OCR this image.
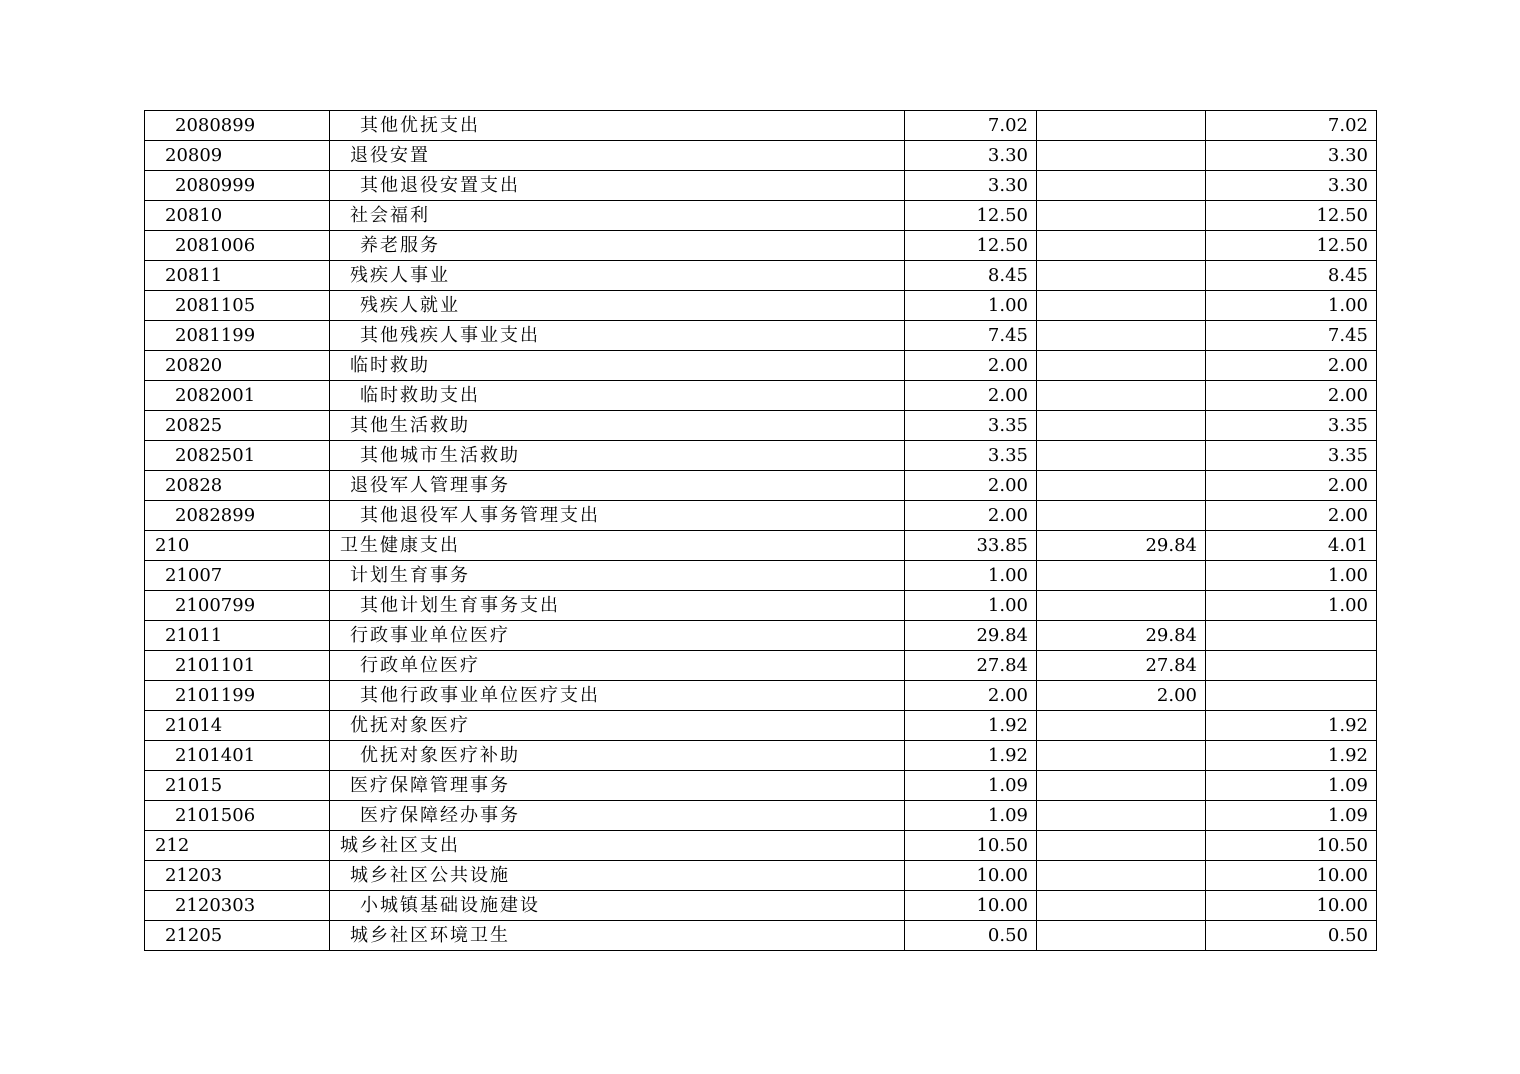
2080899	其他优抚支出	7.02		7.02
20809	退役安置	3.30		3.30
2080999	其他退役安置支出	3.30		3.30
20810	社会福利	12.50		12.50
2081006	养老服务	12.50		12.50
20811	残疾人事业	8.45		8.45
2081105	残疾人就业	1.00		1.00
2081199	其他残疾人事业支出	7.45		7.45
20820	临时救助	2.00		2.00
2082001	临时救助支出	2.00		2.00
20825	其他生活救助	3.35		3.35
2082501	其他城市生活救助	3.35		3.35
20828	退役军人管理事务	2.00		2.00
2082899	其他退役军人事务管理支出	2.00		2.00
210	卫生健康支出	33.85	29.84	4.01
21007	计划生育事务	1.00		1.00
2100799	其他计划生育事务支出	1.00		1.00
21011	行政事业单位医疗	29.84	29.84	
2101101	行政单位医疗	27.84	27.84	
2101199	其他行政事业单位医疗支出	2.00	2.00	
21014	优抚对象医疗	1.92		1.92
2101401	优抚对象医疗补助	1.92		1.92
21015	医疗保障管理事务	1.09		1.09
2101506	医疗保障经办事务	1.09		1.09
212	城乡社区支出	10.50		10.50
21203	城乡社区公共设施	10.00		10.00
2120303	小城镇基础设施建设	10.00		10.00
21205	城乡社区环境卫生	0.50		0.50
